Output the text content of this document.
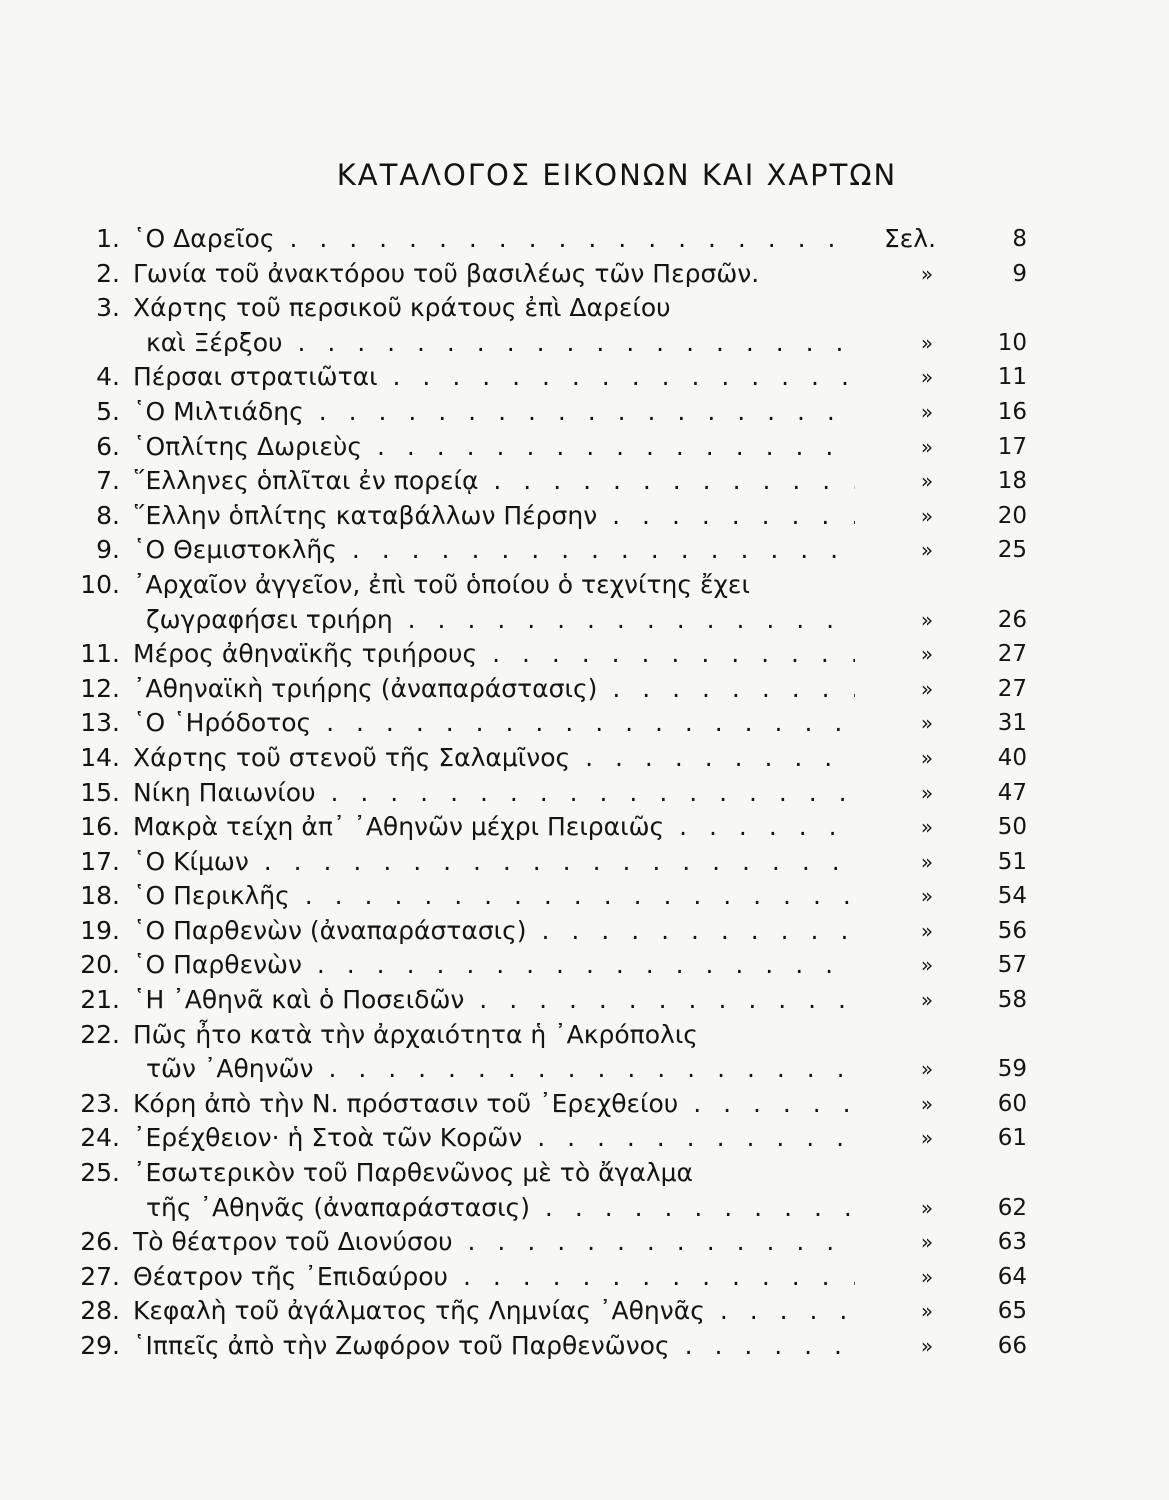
ΚΑΤΑΛΟΓΟΣ ΕΙΚΟΝΩΝ ΚΑΙ ΧΑΡΤΩΝ
1. ῾Ο Δαρεῖος . . .	Σελ.	8
2. Γωνία τοῦ ἀνακτόρου τοῦ βασιλέως τῶν Περσῶν.	»	9
3. Χάρτης τοῦ περσικοῦ κράτους ἐπὶ Δαρείου
καὶ Ξέρξου . . .	»	10
4. Πέρσαι στρατιῶται . . .	»	11
5. ῾Ο Μιλτιάδης . . .	»	16
6. ῾Οπλίτης Δωριεὺς . . .	»	17
7. ῞Ελληνες ὁπλῖται ἐν πορείᾳ . . .	»	18
8. ῞Ελλην ὁπλίτης καταβάλλων Πέρσην . . .	»	20
9. ῾Ο Θεμιστοκλῆς . . .	»	25
10. ᾿Αρχαῖον ἀγγεῖον, ἐπὶ τοῦ ὁποίου ὁ τεχνίτης ἔχει
ζωγραφήσει τριήρη . . .	»	26
11. Μέρος ἀθηναϊκῆς τριήρους . . .	»	27
12. ᾿Αθηναϊκὴ τριήρης (ἀναπαράστασις) . . .	»	27
13. ῾Ο ῾Ηρόδοτος . . .	»	31
14. Χάρτης τοῦ στενοῦ τῆς Σαλαμῖνος . . .	»	40
15. Νίκη Παιωνίου . . .	»	47
16. Μακρὰ τείχη ἀπ᾿ ᾿Αθηνῶν μέχρι Πειραιῶς . . .	»	50
17. ῾Ο Κίμων . . .	»	51
18. ῾Ο Περικλῆς . . .	»	54
19. ῾Ο Παρθενὼν (ἀναπαράστασις) . . .	»	56
20. ῾Ο Παρθενὼν . . .	»	57
21. ῾Η ᾿Αθηνᾶ καὶ ὁ Ποσειδῶν . . .	»	58
22. Πῶς ἦτο κατὰ τὴν ἀρχαιότητα ἡ ᾿Ακρόπολις
τῶν ᾿Αθηνῶν . . .	»	59
23. Κόρη ἀπὸ τὴν Ν. πρόστασιν τοῦ ᾿Ερεχθείου . . .	»	60
24. ᾿Ερέχθειον· ἡ Στοὰ τῶν Κορῶν . . .	»	61
25. ᾿Εσωτερικὸν τοῦ Παρθενῶνος μὲ τὸ ἄγαλμα
τῆς ᾿Αθηνᾶς (ἀναπαράστασις) . . .	»	62
26. Τὸ θέατρον τοῦ Διονύσου . . .	»	63
27. Θέατρον τῆς ᾿Επιδαύρου . . .	»	64
28. Κεφαλὴ τοῦ ἀγάλματος τῆς Λημνίας ᾿Αθηνᾶς . . .	»	65
29. ῾Ιππεῖς ἀπὸ τὴν Ζωφόρον τοῦ Παρθενῶνος . . .	»	66
